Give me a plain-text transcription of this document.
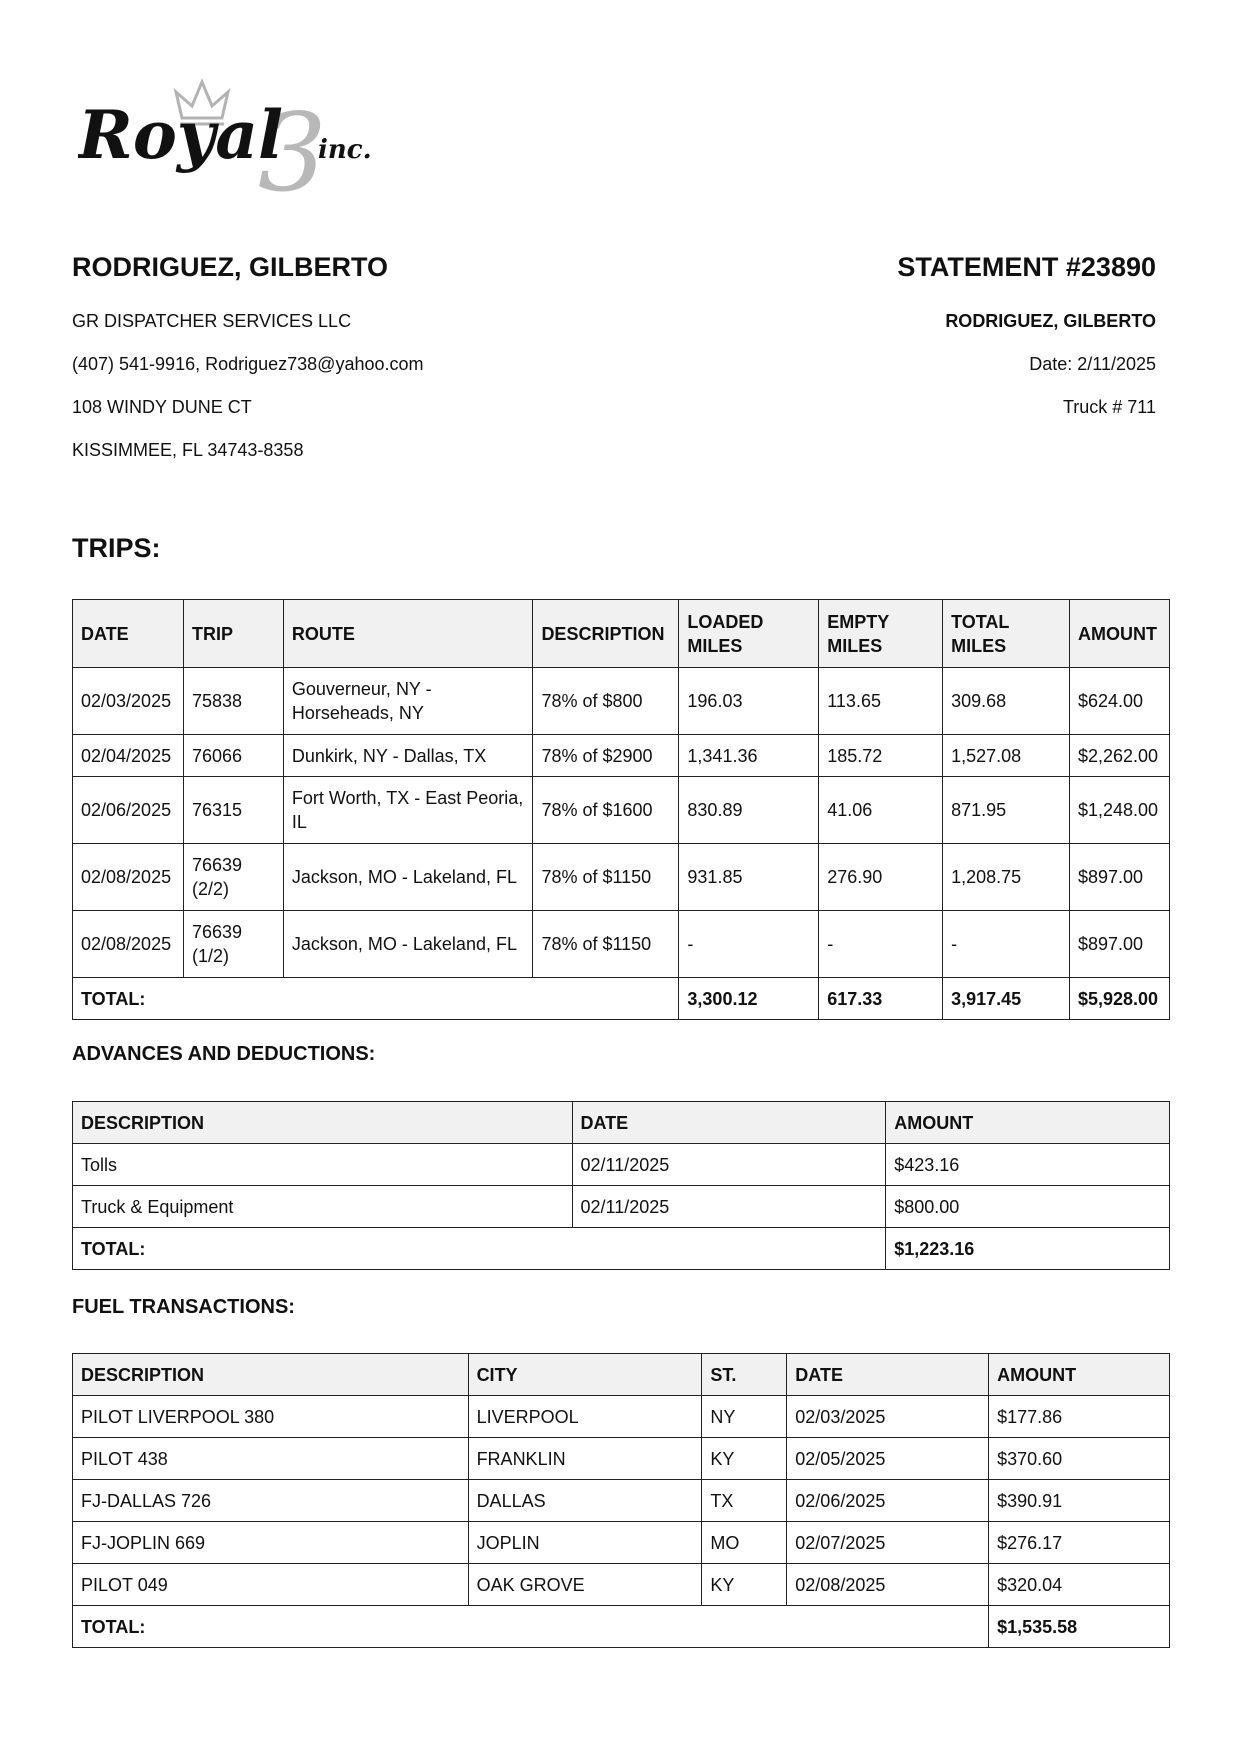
3
Royal inc.
RODRIGUEZ, GILBERTO
GR DISPATCHER SERVICES LLC
(407) 541-9916, Rodriguez738@yahoo.com
108 WINDY DUNE CT
KISSIMMEE, FL 34743-8358
STATEMENT #23890
RODRIGUEZ, GILBERTO
Date: 2/11/2025
Truck # 711
TRIPS:
DATE	TRIP	ROUTE	DESCRIPTION	LOADED MILES	EMPTY MILES	TOTAL MILES	AMOUNT
02/03/2025	75838	Gouverneur, NY - Horseheads, NY	78% of $800	196.03	113.65	309.68	$624.00
02/04/2025	76066	Dunkirk, NY - Dallas, TX	78% of $2900	1,341.36	185.72	1,527.08	$2,262.00
02/06/2025	76315	Fort Worth, TX - East Peoria, IL	78% of $1600	830.89	41.06	871.95	$1,248.00
02/08/2025	76639 (2/2)	Jackson, MO - Lakeland, FL	78% of $1150	931.85	276.90	1,208.75	$897.00
02/08/2025	76639 (1/2)	Jackson, MO - Lakeland, FL	78% of $1150	-	-	-	$897.00
TOTAL:				3,300.12	617.33	3,917.45	$5,928.00
ADVANCES AND DEDUCTIONS:
DESCRIPTION	DATE	AMOUNT
Tolls	02/11/2025	$423.16
Truck & Equipment	02/11/2025	$800.00
TOTAL:		$1,223.16
FUEL TRANSACTIONS:
DESCRIPTION	CITY	ST.	DATE	AMOUNT
PILOT LIVERPOOL 380	LIVERPOOL	NY	02/03/2025	$177.86
PILOT 438	FRANKLIN	KY	02/05/2025	$370.60
FJ-DALLAS 726	DALLAS	TX	02/06/2025	$390.91
FJ-JOPLIN 669	JOPLIN	MO	02/07/2025	$276.17
PILOT 049	OAK GROVE	KY	02/08/2025	$320.04
TOTAL:				$1,535.58
